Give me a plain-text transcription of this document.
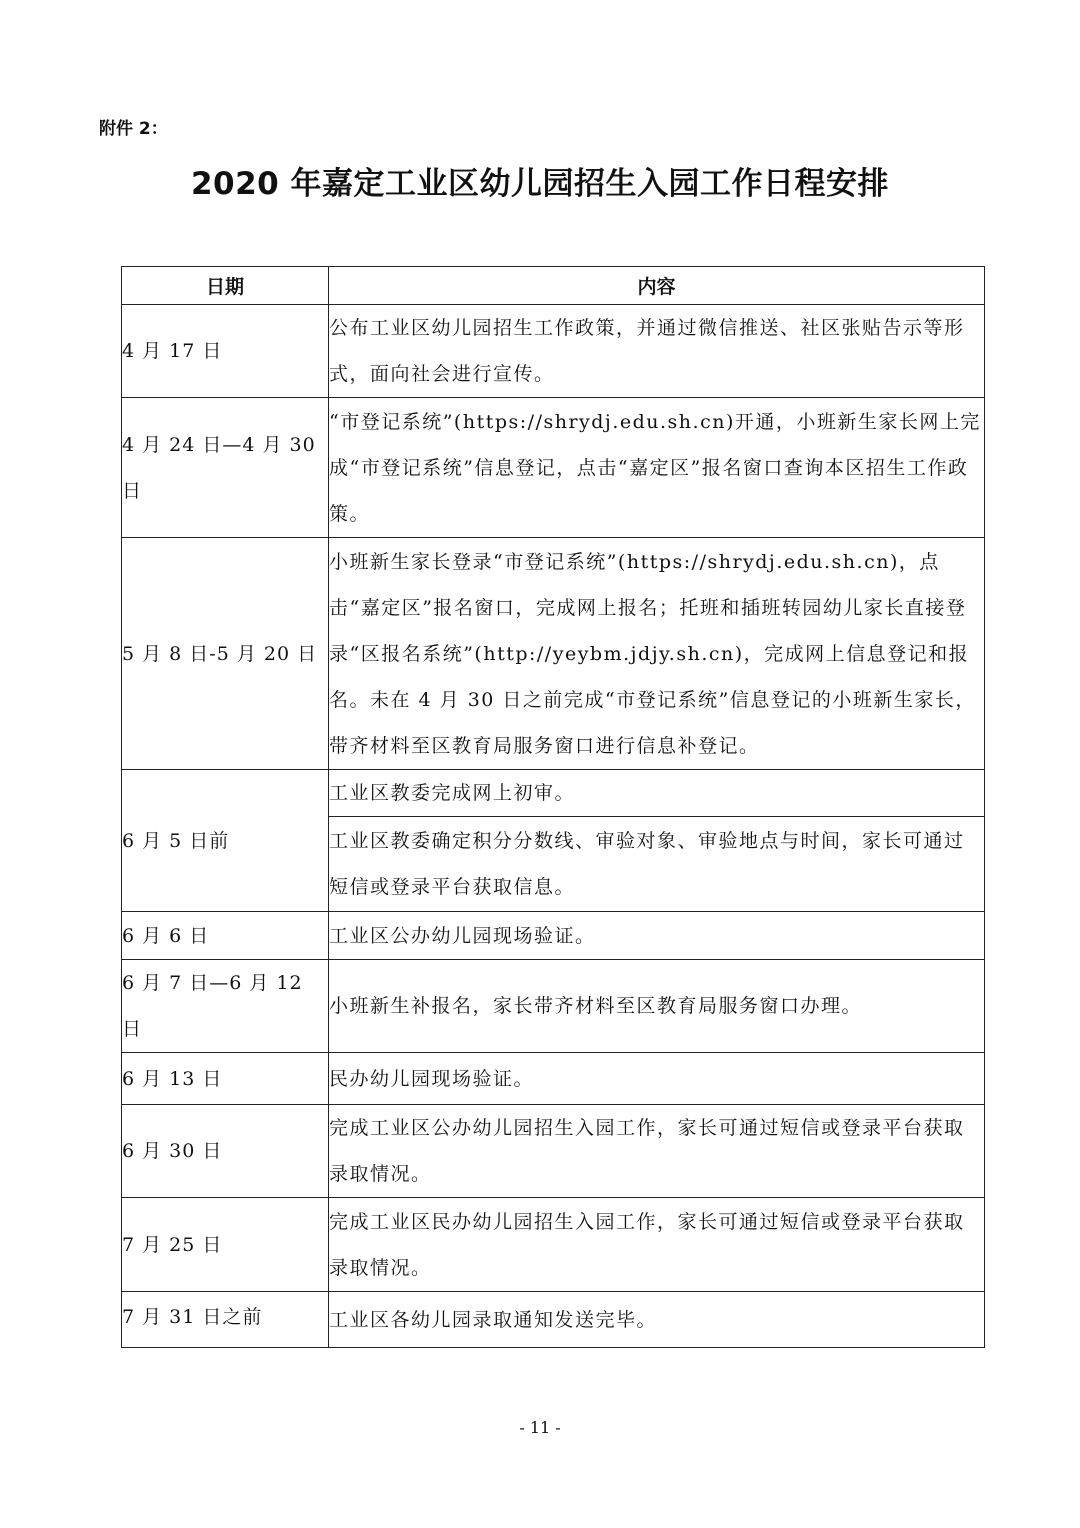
附件 2：
2020 年嘉定工业区幼儿园招生入园工作日程安排
日期	内容
4 月 17 日	公布工业区幼儿园招生工作政策，并通过微信推送、社区张贴告示等形式，面向社会进行宣传。
4 月 24 日—4 月 30 日	“市登记系统”(https://shrydj.edu.sh.cn)开通，小班新生家长网上完成“市登记系统”信息登记，点击“嘉定区”报名窗口查询本区招生工作政策。
5 月 8 日-5 月 20 日	小班新生家长登录“市登记系统”(https://shrydj.edu.sh.cn)，点击“嘉定区”报名窗口，完成网上报名；托班和插班转园幼儿家长直接登录“区报名系统”(http://yeybm.jdjy.sh.cn)，完成网上信息登记和报名。未在 4 月 30 日之前完成“市登记系统”信息登记的小班新生家长，带齐材料至区教育局服务窗口进行信息补登记。
6 月 5 日前	工业区教委完成网上初审。
	工业区教委确定积分分数线、审验对象、审验地点与时间，家长可通过短信或登录平台获取信息。
6 月 6 日	工业区公办幼儿园现场验证。
6 月 7 日—6 月 12 日	小班新生补报名，家长带齐材料至区教育局服务窗口办理。
6 月 13 日	民办幼儿园现场验证。
6 月 30 日	完成工业区公办幼儿园招生入园工作，家长可通过短信或登录平台获取录取情况。
7 月 25 日	完成工业区民办幼儿园招生入园工作，家长可通过短信或登录平台获取录取情况。
7 月 31 日之前	工业区各幼儿园录取通知发送完毕。
- 11 -
